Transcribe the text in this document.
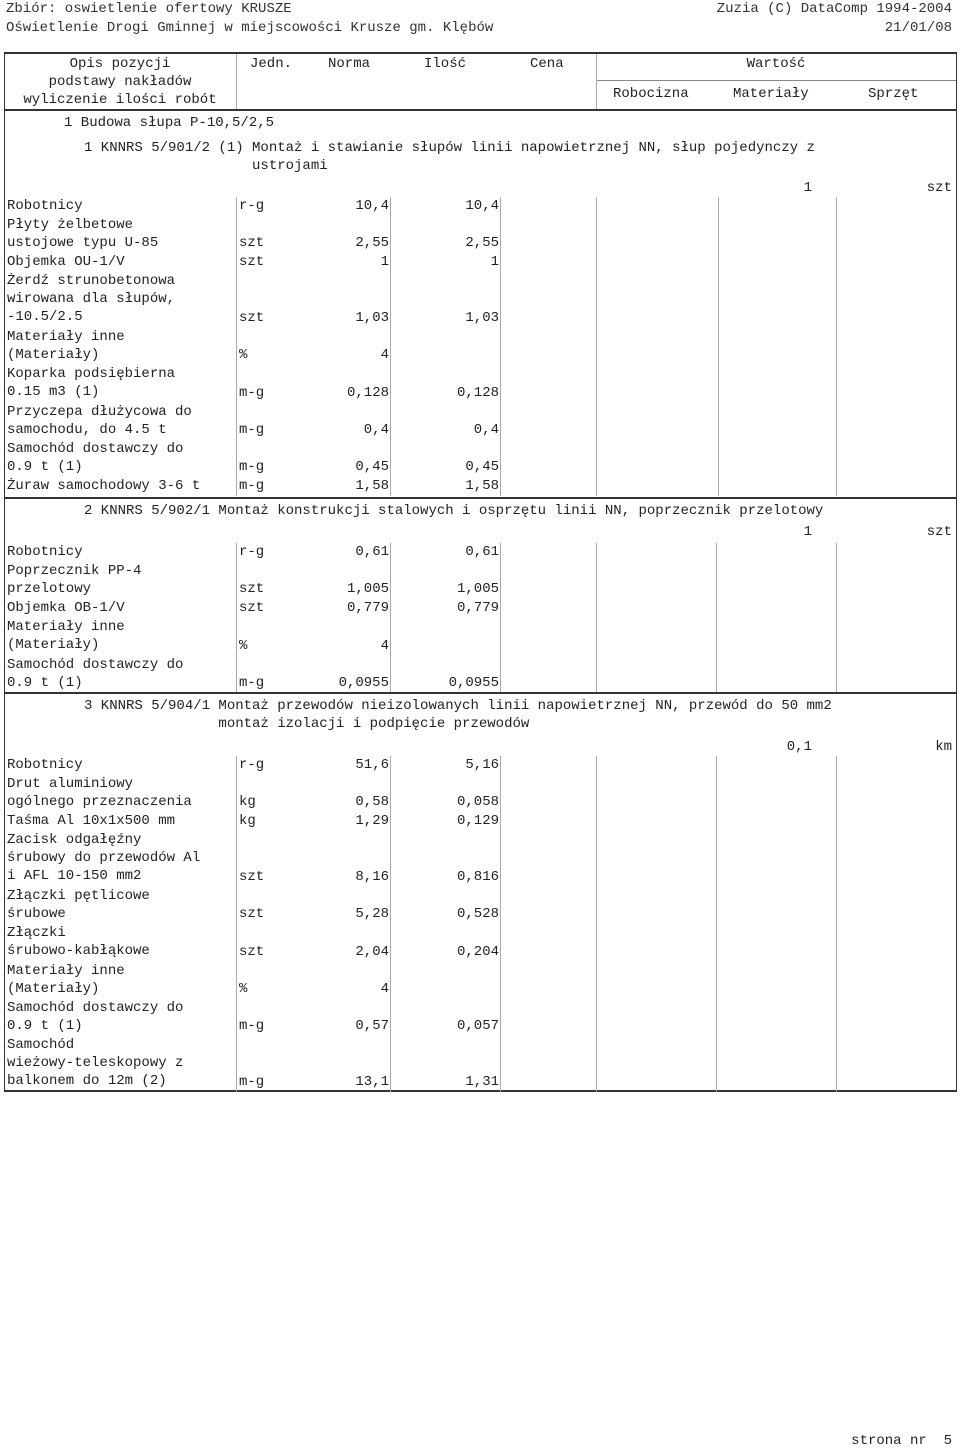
Zbiór: oswietlenie ofertowy KRUSZE	Zuzia (C) DataComp 1994-2004
Oświetlenie Drogi Gminnej w miejscowości Krusze gm. Klębów	21/01/08
Opis pozycji
podstawy nakładów
wyliczenie ilości robót
Jedn.	Norma	Ilość	Cena	Wartość
Robocizna	Materiały	Sprzęt
1 Budowa słupa P-10,5/2,5
1 KNNRS 5/901/2 (1) Montaż i stawianie słupów linii napowietrznej NN, słup pojedynczy z
ustrojami
1	szt
Robotnicy	r-g	10,4	10,4
Płyty żelbetowe
ustojowe typu U-85	szt	2,55	2,55
Objemka OU-1/V	szt	1	1
Żerdź strunobetonowa
wirowana dla słupów,
-10.5/2.5	szt	1,03	1,03
Materiały inne
(Materiały)	%	4
Koparka podsiębierna
0.15 m3 (1)	m-g	0,128	0,128
Przyczepa dłużycowa do
samochodu, do 4.5 t	m-g	0,4	0,4
Samochód dostawczy do
0.9 t (1)	m-g	0,45	0,45
Żuraw samochodowy 3-6 t	m-g	1,58	1,58
2 KNNRS 5/902/1 Montaż konstrukcji stalowych i osprzętu linii NN, poprzecznik przelotowy
1	szt
Robotnicy	r-g	0,61	0,61
Poprzecznik PP-4
przelotowy	szt	1,005	1,005
Objemka OB-1/V	szt	0,779	0,779
Materiały inne
(Materiały)	%	4
Samochód dostawczy do
0.9 t (1)	m-g	0,0955	0,0955
3 KNNRS 5/904/1 Montaż przewodów nieizolowanych linii napowietrznej NN, przewód do 50 mm2
montaż izolacji i podpięcie przewodów
0,1	km
Robotnicy	r-g	51,6	5,16
Drut aluminiowy
ogólnego przeznaczenia	kg	0,58	0,058
Taśma Al 10x1x500 mm	kg	1,29	0,129
Zacisk odgałęźny
śrubowy do przewodów Al
i AFL 10-150 mm2	szt	8,16	0,816
Złączki pętlicowe
śrubowe	szt	5,28	0,528
Złączki
śrubowo-kabłąkowe	szt	2,04	0,204
Materiały inne
(Materiały)	%	4
Samochód dostawczy do
0.9 t (1)	m-g	0,57	0,057
Samochód
wieżowy-teleskopowy z
balkonem do 12m (2)	m-g	13,1	1,31
strona nr  5
